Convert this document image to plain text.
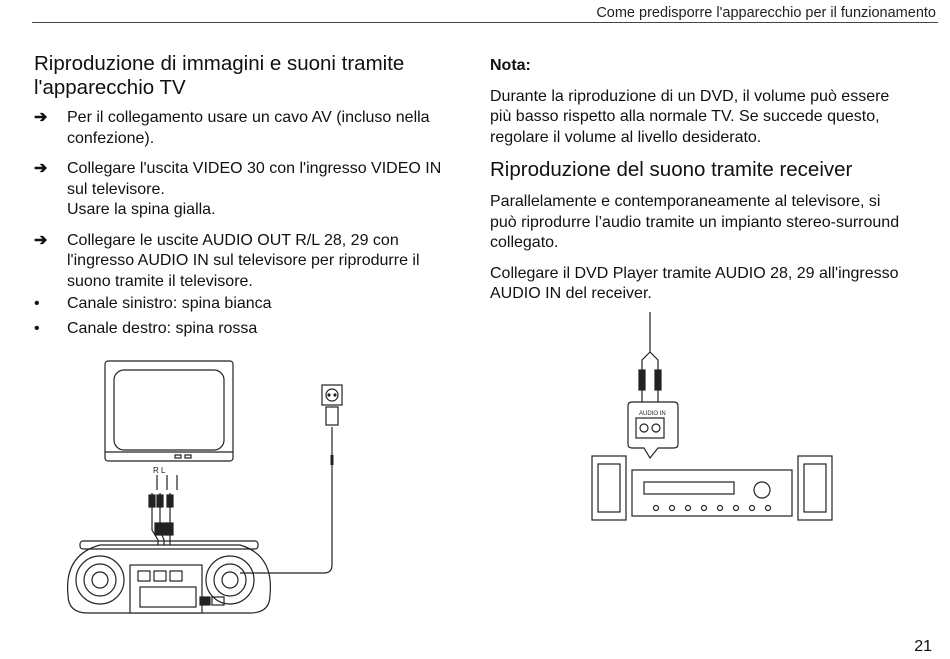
Come predisporre l'apparecchio per il funzionamento
Riproduzione di immagini e suoni tramite l'apparecchio TV
➔	Per il collegamento usare un cavo AV (incluso nella
confezione).
➔	Collegare l'uscita VIDEO 30 con l'ingresso VIDEO IN
sul televisore.
Usare la spina gialla.
➔	Collegare le uscite AUDIO OUT R/L 28, 29 con
l'ingresso AUDIO IN sul televisore per riprodurre il
suono tramite il televisore.
•	Canale sinistro: spina bianca
•	Canale destro: spina rossa
R L

Nota:

Durante la riproduzione di un DVD, il volume può essere
più basso rispetto alla normale TV. Se succede questo,
regolare il volume al livello desiderato.

Riproduzione del suono tramite receiver

Parallelamente e contemporaneamente al televisore, si
può riprodurre l’audio tramite un impianto stereo-surround
collegato.

Collegare il DVD Player tramite AUDIO 28, 29 all'ingresso
AUDIO IN del receiver.

AUDIO IN
21
